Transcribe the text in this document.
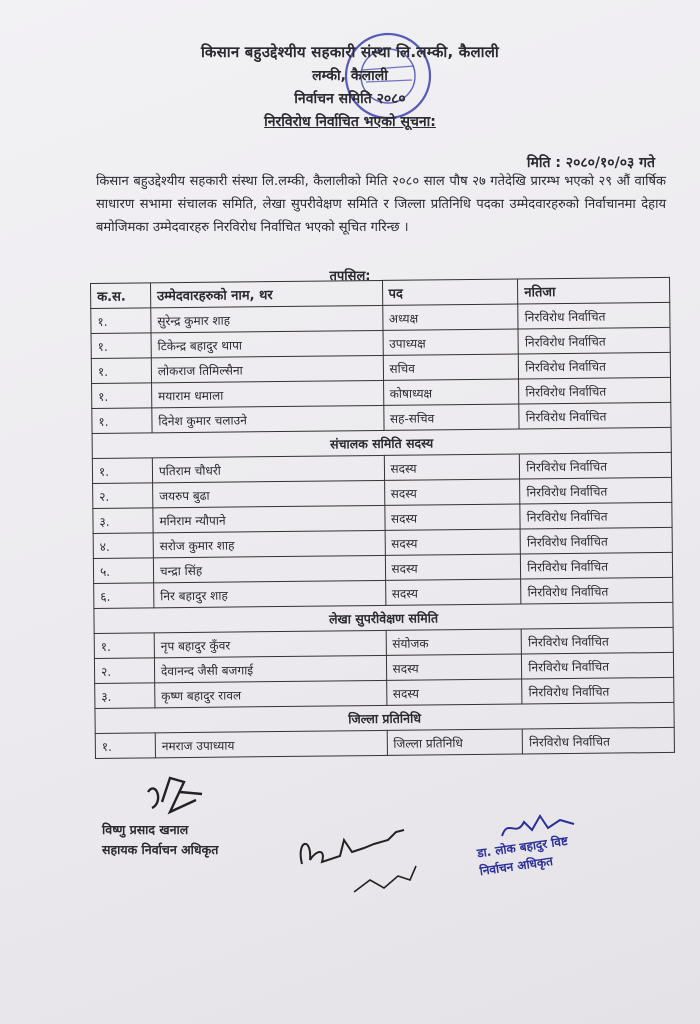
किसान बहुउद्देश्यीय सहकारी संस्था लि.लम्की, कैलाली
लम्की, कैलाली
निर्वाचन समिति २०८०
निरविरोध निर्वाचित भएको सूचना:
मिति : २०८०/१०/०३ गते
किसान बहुउद्देश्यीय सहकारी संस्था लि.लम्की, कैलालीको मिति २०८० साल पौष २७ गतेदेखि प्रारम्भ भएको २९ औं वार्षिक साधारण सभामा संचालक समिति, लेखा सुपरीवेक्षण समिति र जिल्ला प्रतिनिधि पदका उम्मेदवारहरुको निर्वाचानमा देहाय बमोजिमका उम्मेदवारहरु निरविरोध निर्वाचित भएको सूचित गरिन्छ ।
तपसिल:
क.स.	उम्मेदवारहरुको नाम, थर	पद	नतिजा
१.	सुरेन्द्र कुमार शाह	अध्यक्ष	निरविरोध निर्वाचित
१.	टिकेन्द्र बहादुर थापा	उपाध्यक्ष	निरविरोध निर्वाचित
१.	लोकराज तिमिल्सैना	सचिव	निरविरोध निर्वाचित
१.	मयाराम धमाला	कोषाध्यक्ष	निरविरोध निर्वाचित
१.	दिनेश कुमार चलाउने	सह-सचिव	निरविरोध निर्वाचित
संचालक समिति सदस्य			
१.	पतिराम चौधरी	सदस्य	निरविरोध निर्वाचित
२.	जयरुप बुढा	सदस्य	निरविरोध निर्वाचित
३.	मनिराम न्यौपाने	सदस्य	निरविरोध निर्वाचित
४.	सरोज कुमार शाह	सदस्य	निरविरोध निर्वाचित
५.	चन्द्रा सिंह	सदस्य	निरविरोध निर्वाचित
६.	निर बहादुर शाह	सदस्य	निरविरोध निर्वाचित
लेखा सुपरीवेक्षण समिति			
१.	नृप बहादुर कुँवर	संयोजक	निरविरोध निर्वाचित
२.	देवानन्द जैसी बजगाई	सदस्य	निरविरोध निर्वाचित
३.	कृष्ण बहादुर रावल	सदस्य	निरविरोध निर्वाचित
जिल्ला प्रतिनिधि			
१.	नमराज उपाध्याय	जिल्ला प्रतिनिधि	निरविरोध निर्वाचित
विष्णु प्रसाद खनाल
सहायक निर्वाचन अधिकृत	डा. लोक बहादुर विष्ट
निर्वाचन अधिकृत
